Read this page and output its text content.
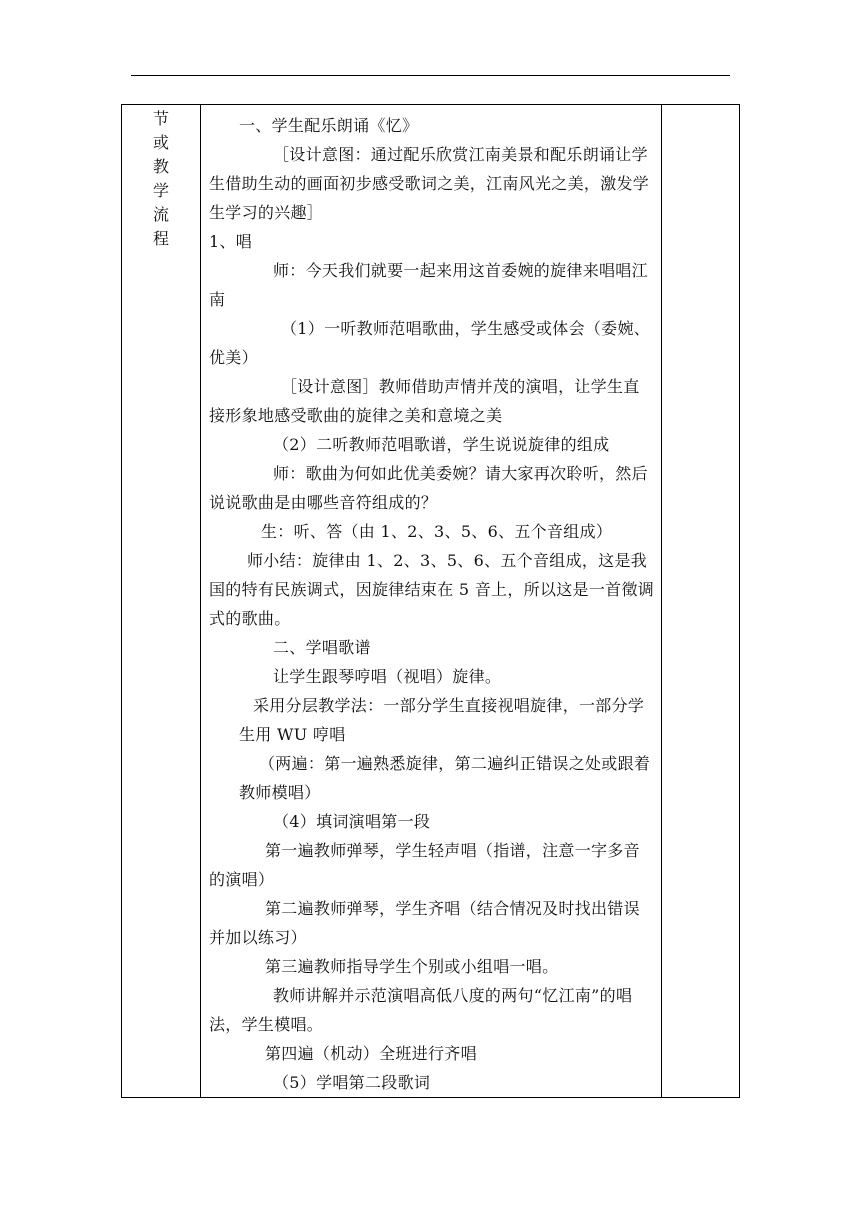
节或教学流程

一、学生配乐朗诵《忆》

［设计意图：通过配乐欣赏江南美景和配乐朗诵让学生借助生动的画面初步感受歌词之美，江南风光之美，激发学生学习的兴趣］

1、唱

师：今天我们就要一起来用这首委婉的旋律来唱唱江南

（1）一听教师范唱歌曲，学生感受或体会（委婉、优美）

［设计意图］教师借助声情并茂的演唱，让学生直接形象地感受歌曲的旋律之美和意境之美

（2）二听教师范唱歌谱，学生说说旋律的组成

师：歌曲为何如此优美委婉？请大家再次聆听，然后说说歌曲是由哪些音符组成的？

生：听、答（由 1、2、3、5、6、五个音组成）

师小结：旋律由 1、2、3、5、6、五个音组成，这是我国的特有民族调式，因旋律结束在 5 音上，所以这是一首徵调式的歌曲。

二、学唱歌谱

让学生跟琴哼唱（视唱）旋律。

采用分层教学法：一部分学生直接视唱旋律，一部分学生用 WU 哼唱

（两遍：第一遍熟悉旋律，第二遍纠正错误之处或跟着教师模唱）

（4）填词演唱第一段

第一遍教师弹琴，学生轻声唱（指谱，注意一字多音的演唱）

第二遍教师弹琴，学生齐唱（结合情况及时找出错误并加以练习）

第三遍教师指导学生个别或小组唱一唱。

教师讲解并示范演唱高低八度的两句“忆江南”的唱法，学生模唱。

第四遍（机动）全班进行齐唱

（5）学唱第二段歌词
